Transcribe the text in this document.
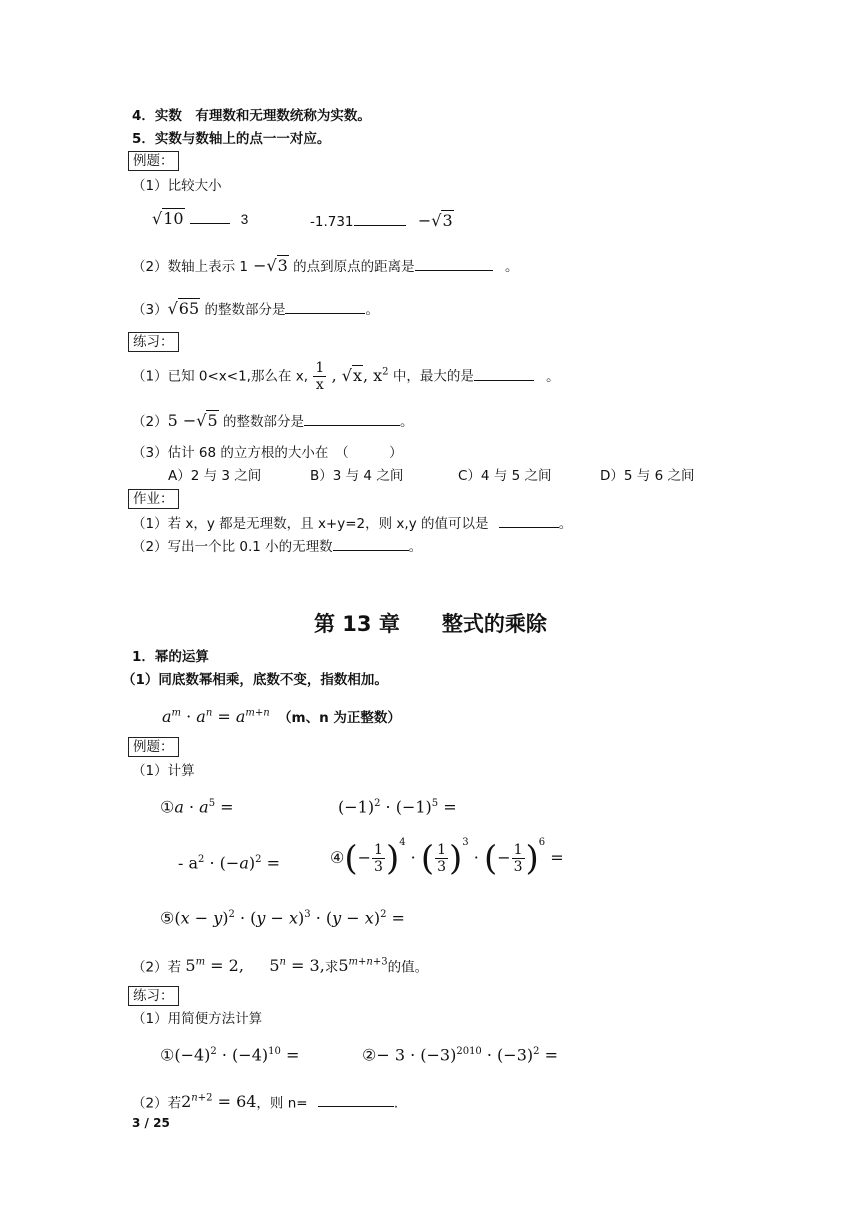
4．实数　有理数和无理数统称为实数。
5．实数与数轴上的点一一对应。
例题：
（1）比较大小
√10	3	-1.731	−√3
（2）数轴上表示 1 −√3 的点到原点的距离是	。
（3）√65 的整数部分是	。
练习：
（1）已知 0<x<1,那么在 x, $\frac{1}{x}$ , √x, $x^2$ 中，最大的是	。
（2）5 −√5 的整数部分是	。
（3）估计 68 的立方根的大小在　（　　　）
A）2 与 3 之间	B）3 与 4 之间	C）4 与 5 之间	D）5 与 6 之间
作业：
（1）若 x，y 都是无理数，且 x+y=2，则 x,y 的值可以是	。
（2）写出一个比 0.1 小的无理数	。
第 13 章　　整式的乘除
1．幂的运算
（1）同底数幂相乘，底数不变，指数相加。
$a^m \cdot a^n = a^{m+n}$ （m、n 为正整数）
例题：
（1）计算
①a · $a^5$ =	$(-1)^2 \cdot (-1)^5$ =
- $a^2 \cdot (-a)^2$ =	④(− $\frac{1}{3} )^4$ · ( $\frac{1}{3} )^3$ · (− $\frac{1}{3} )^6$ =
⑤(x − $y)^2 \cdot (y - x)^3 \cdot (y - x)^2$ =
（2）若 $5^m = 2$,     $5^n = 3$,求$5^{m+n+3}$的值。
练习：
（1）用简便方法计算
$①(-4)^2 \cdot (-4)^{10}$ =	②− $3 \cdot (-3)^{2010} \cdot (-3)^2$ =
（2）若$2^{n+2} = 64$，则 n=	.
3 / 25
